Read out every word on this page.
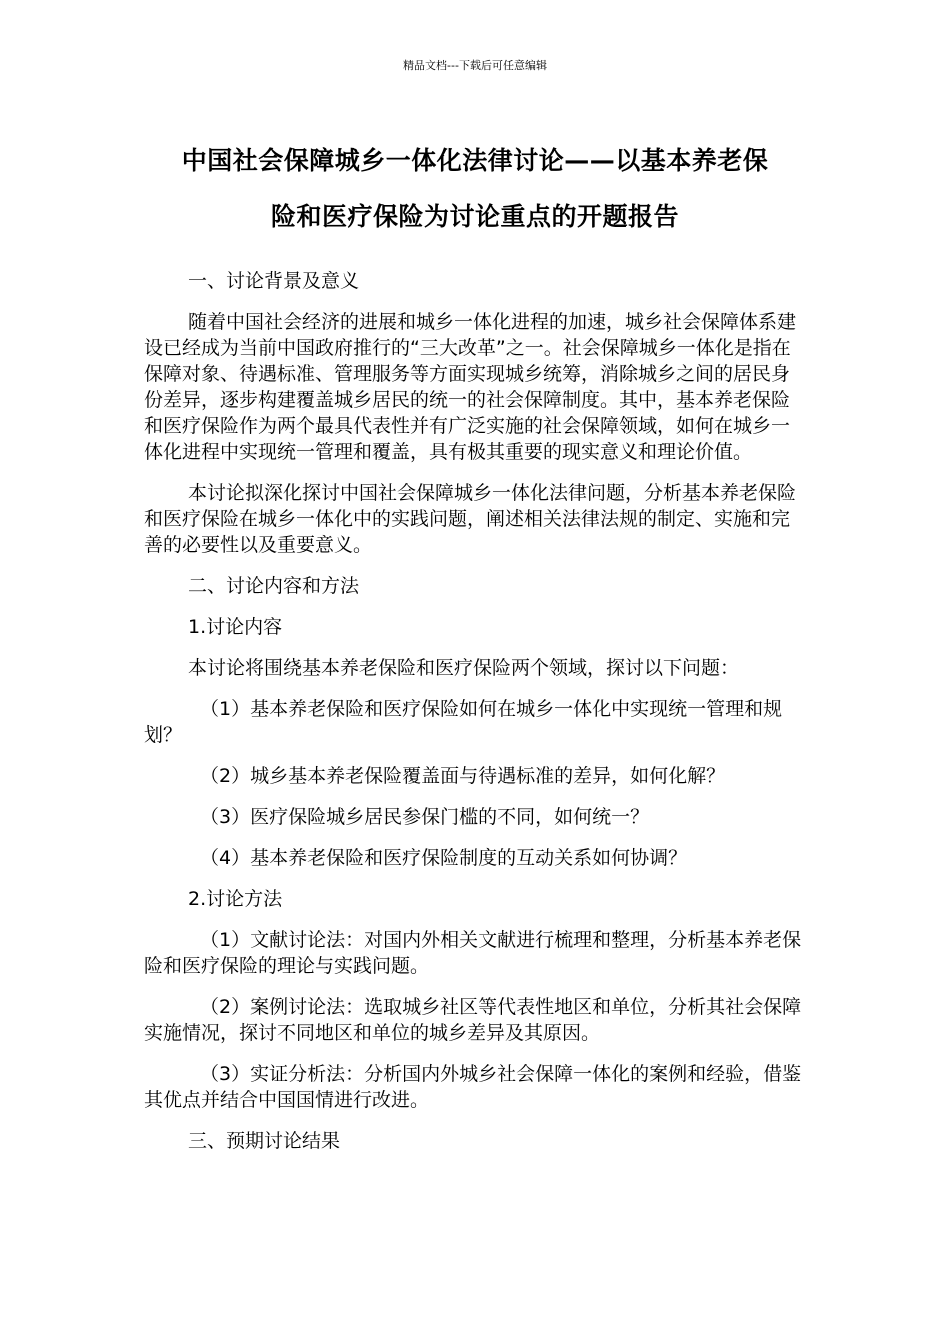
精品文档---下载后可任意编辑
中国社会保障城乡一体化法律讨论——以基本养老保
险和医疗保险为讨论重点的开题报告
一、讨论背景及意义

随着中国社会经济的进展和城乡一体化进程的加速，城乡社会保障体系建设已经成为当前中国政府推行的“三大改革”之一。社会保障城乡一体化是指在保障对象、待遇标准、管理服务等方面实现城乡统筹，消除城乡之间的居民身份差异，逐步构建覆盖城乡居民的统一的社会保障制度。其中，基本养老保险和医疗保险作为两个最具代表性并有广泛实施的社会保障领域，如何在城乡一体化进程中实现统一管理和覆盖，具有极其重要的现实意义和理论价值。

本讨论拟深化探讨中国社会保障城乡一体化法律问题，分析基本养老保险和医疗保险在城乡一体化中的实践问题，阐述相关法律法规的制定、实施和完善的必要性以及重要意义。

二、讨论内容和方法
1.讨论内容

本讨论将围绕基本养老保险和医疗保险两个领域，探讨以下问题：

（1）基本养老保险和医疗保险如何在城乡一体化中实现统一管理和规划？

（2）城乡基本养老保险覆盖面与待遇标准的差异，如何化解？

（3）医疗保险城乡居民参保门槛的不同，如何统一？

（4）基本养老保险和医疗保险制度的互动关系如何协调？

2.讨论方法

（1）文献讨论法：对国内外相关文献进行梳理和整理，分析基本养老保险和医疗保险的理论与实践问题。

（2）案例讨论法：选取城乡社区等代表性地区和单位，分析其社会保障实施情况，探讨不同地区和单位的城乡差异及其原因。

（3）实证分析法：分析国内外城乡社会保障一体化的案例和经验，借鉴其优点并结合中国国情进行改进。

三、预期讨论结果
